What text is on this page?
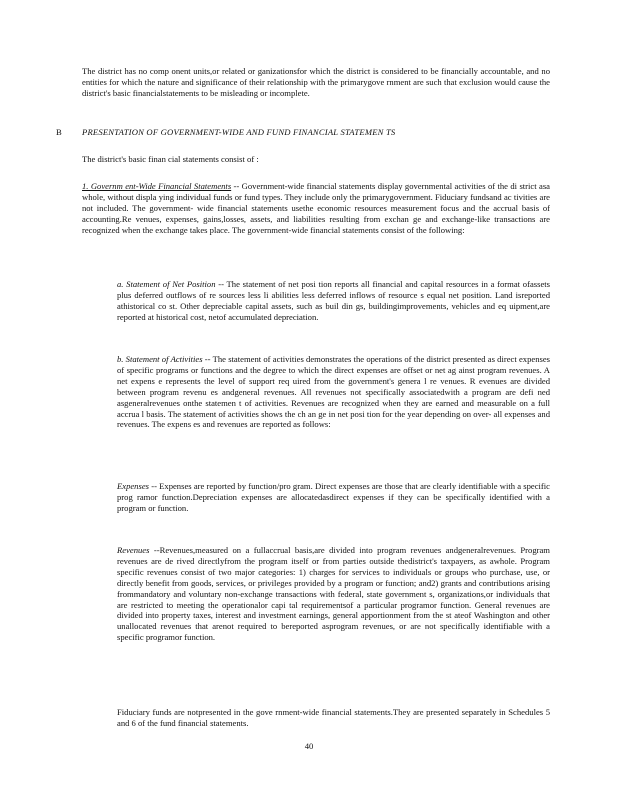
The district has no comp onent units,or related or ganizationsfor which the district is considered to be financially accountable, and no entities for which the nature and significance of their relationship with the primarygove rnment are such that exclusion would cause the district's basic financialstatements to be misleading or incomplete.

B PRESENTATION OF GOVERNMENT-WIDE AND FUND FINANCIAL STATEMEN TS

The district's basic finan cial statements consist of :

1. Governm ent-Wide Financial Statements -- Government-wide financial statements display governmental activities of the di strict asa whole, without displa ying individual funds or fund types. They include only the primarygovernment. Fiduciary fundsand ac tivities are not included. The government- wide financial statements usethe economic resources measurement focus and the accrual basis of accounting.Re venues, expenses, gains,losses, assets, and liabilities resulting from exchan ge and exchange-like transactions are recognized when the exchange takes place. The government-wide financial statements consist of the following:

a. Statement of Net Position -- The statement of net posi tion reports all financial and capital resources in a format ofassets plus deferred outflows of re sources less li abilities less deferred inflows of resource s equal net position. Land isreported athistorical co st. Other depreciable capital assets, such as buil din gs, buildingimprovements, vehicles and eq uipment,are reported at historical cost, netof accumulated depreciation.

b. Statement of Activities -- The statement of activities demonstrates the operations of the district presented as direct expenses of specific programs or functions and the degree to which the direct expenses are offset or net ag ainst program revenues. A net expens e represents the level of support req uired from the government's genera l re venues. R evenues are divided between program revenu es andgeneral revenues. All revenues not specifically associatedwith a program are defi ned asgeneralrevenues onthe statemen t of activities. Revenues are recognized when they are earned and measurable on a full accrua l basis. The statement of activities shows the ch an ge in net posi tion for the year depending on over- all expenses and revenues. The expens es and revenues are reported as follows:

Expenses -- Expenses are reported by function/pro gram. Direct expenses are those that are clearly identifiable with a specific prog ramor function.Depreciation expenses are allocatedasdirect expenses if they can be specifically identified with a program or function.

Revenues --Revenues,measured on a fullaccrual basis,are divided into program revenues andgeneralrevenues. Program revenues are de rived directlyfrom the program itself or from parties outside thedistrict's taxpayers, as awhole. Program specific revenues consist of two major categories: 1) charges for services to individuals or groups who purchase, use, or directly benefit from goods, services, or privileges provided by a program or function; and2) grants and contributions arising frommandatory and voluntary non-exchange transactions with federal, state government s, organizations,or individuals that are restricted to meeting the operationalor capi tal requirementsof a particular programor function. General revenues are divided into property taxes, interest and investment earnings, general apportionment from the st ateof Washington and other unallocated revenues that arenot required to bereported asprogram revenues, or are not specifically identifiable with a specific programor function.

Fiduciary funds are notpresented in the gove rnment-wide financial statements.They are presented separately in Schedules 5 and 6 of the fund financial statements.

40
